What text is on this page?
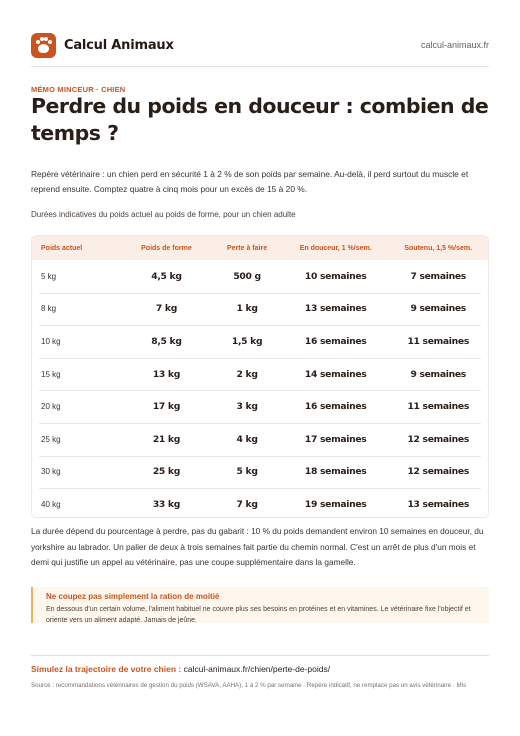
Calcul Animaux	calcul-animaux.fr
MÉMO MINCEUR · CHIEN
Perdre du poids en douceur : combien de temps ?

Repère vétérinaire : un chien perd en sécurité 1 à 2 % de son poids par semaine. Au-delà, il perd surtout du muscle et reprend ensuite. Comptez quatre à cinq mois pour un excès de 15 à 20 %.

Durées indicatives du poids actuel au poids de forme, pour un chien adulte

Poids actuel	Poids de forme	Perte à faire	En douceur, 1 %/sem.	Soutenu, 1,5 %/sem.
5 kg	4,5 kg	500 g	10 semaines	7 semaines
8 kg	7 kg	1 kg	13 semaines	9 semaines
10 kg	8,5 kg	1,5 kg	16 semaines	11 semaines
15 kg	13 kg	2 kg	14 semaines	9 semaines
20 kg	17 kg	3 kg	16 semaines	11 semaines
25 kg	21 kg	4 kg	17 semaines	12 semaines
30 kg	25 kg	5 kg	18 semaines	12 semaines
40 kg	33 kg	7 kg	19 semaines	13 semaines

La durée dépend du pourcentage à perdre, pas du gabarit : 10 % du poids demandent environ 10 semaines en douceur, du yorkshire au labrador. Un palier de deux à trois semaines fait partie du chemin normal. C'est un arrêt de plus d'un mois et demi qui justifie un appel au vétérinaire, pas une coupe supplémentaire dans la gamelle.

Ne coupez pas simplement la ration de moitié
En dessous d'un certain volume, l'aliment habituel ne couvre plus ses besoins en protéines et en vitamines. Le vétérinaire fixe l'objectif et oriente vers un aliment adapté. Jamais de jeûne.
Simulez la trajectoire de votre chien : calcul-animaux.fr/chien/perte-de-poids/
Source : recommandations vétérinaires de gestion du poids (WSAVA, AAHA), 1 à 2 % par semaine · Repère indicatif, ne remplace pas un avis vétérinaire · Mis
